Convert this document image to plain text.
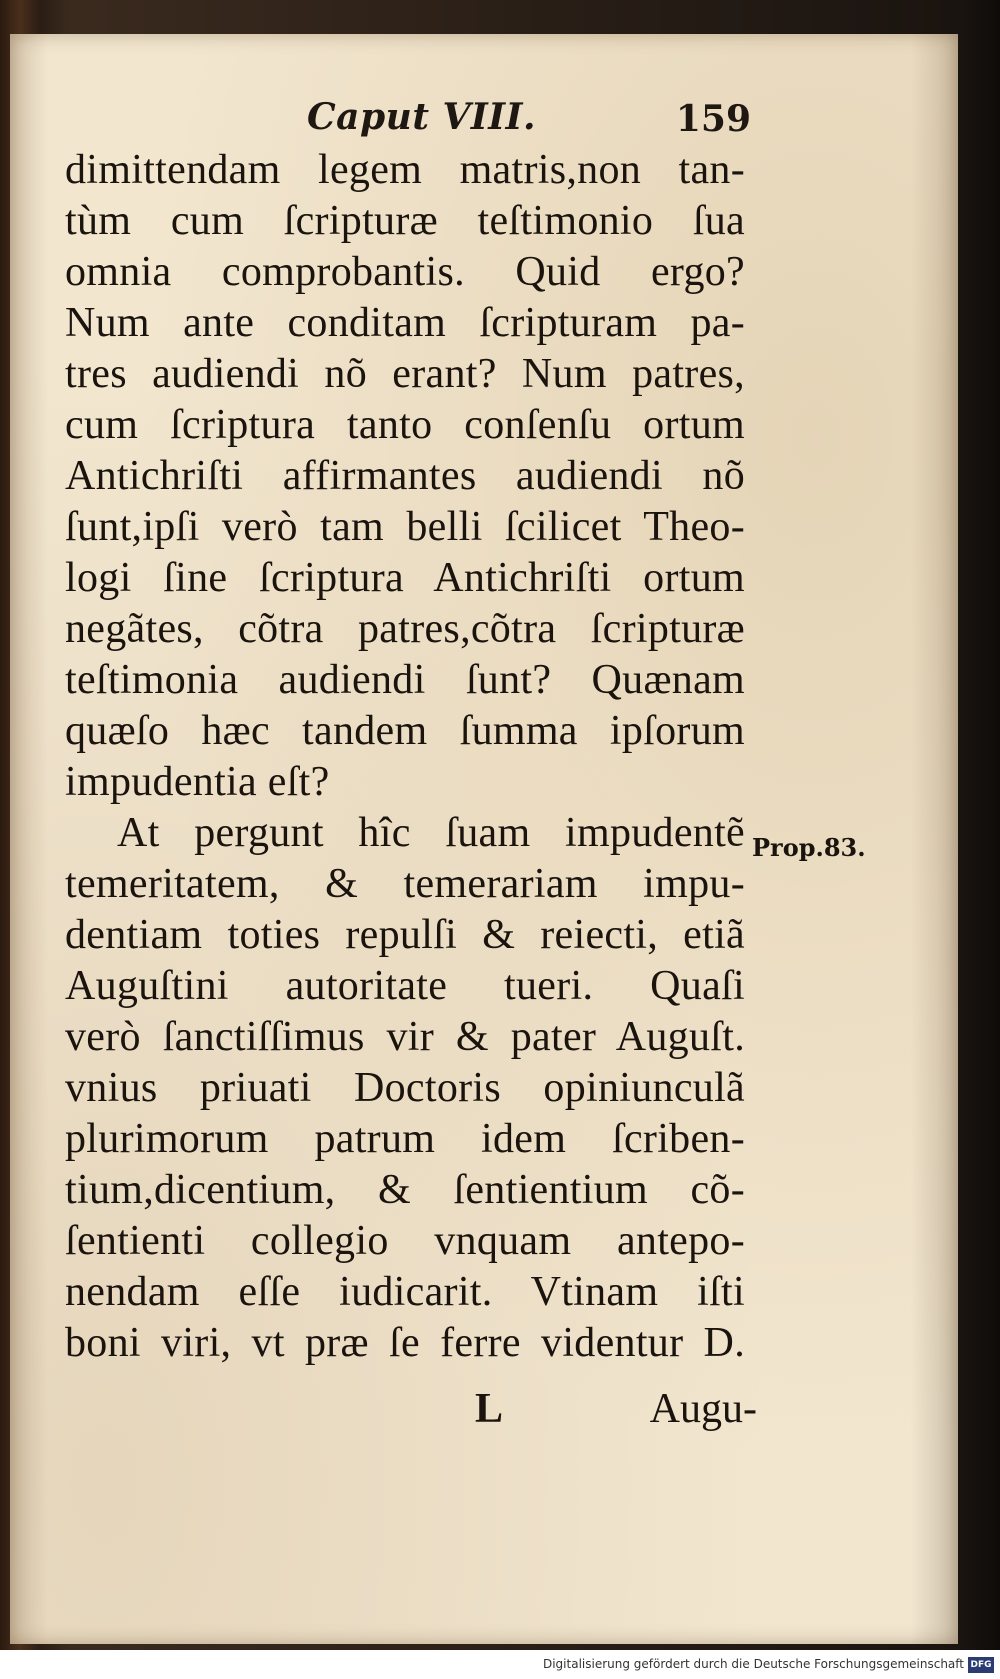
Caput VIII.	159
dimittendam legem matris,non tan-
tùm cum ſcripturæ teſtimonio ſua
omnia comprobantis. Quid ergo?
Num ante conditam ſcripturam pa-
tres audiendi nõ erant? Num patres,
cum ſcriptura tanto conſenſu ortum
Antichriſti affirmantes audiendi nõ
ſunt,ipſi verò tam belli ſcilicet Theo-
logi ſine ſcriptura Antichriſti ortum
negãtes, cõtra patres,cõtra ſcripturæ
teſtimonia audiendi ſunt? Quænam
quæſo hæc tandem ſumma ipſorum
impudentia eſt?
At pergunt hîc ſuam impudentẽ
temeritatem, & temerariam impu-
dentiam toties repulſi & reiecti, etiã
Auguſtini autoritate tueri. Quaſi
verò ſanctiſſimus vir & pater Auguſt.
vnius priuati Doctoris opiniunculã
plurimorum patrum idem ſcriben-
tium,dicentium, & ſentientium cõ-
ſentienti collegio vnquam antepo-
nendam eſſe iudicarit. Vtinam iſti
boni viri, vt præ ſe ferre videntur D.
Prop.83.
L	Augu-
Digitalisierung gefördert durch die Deutsche Forschungsgemeinschaft DFG
